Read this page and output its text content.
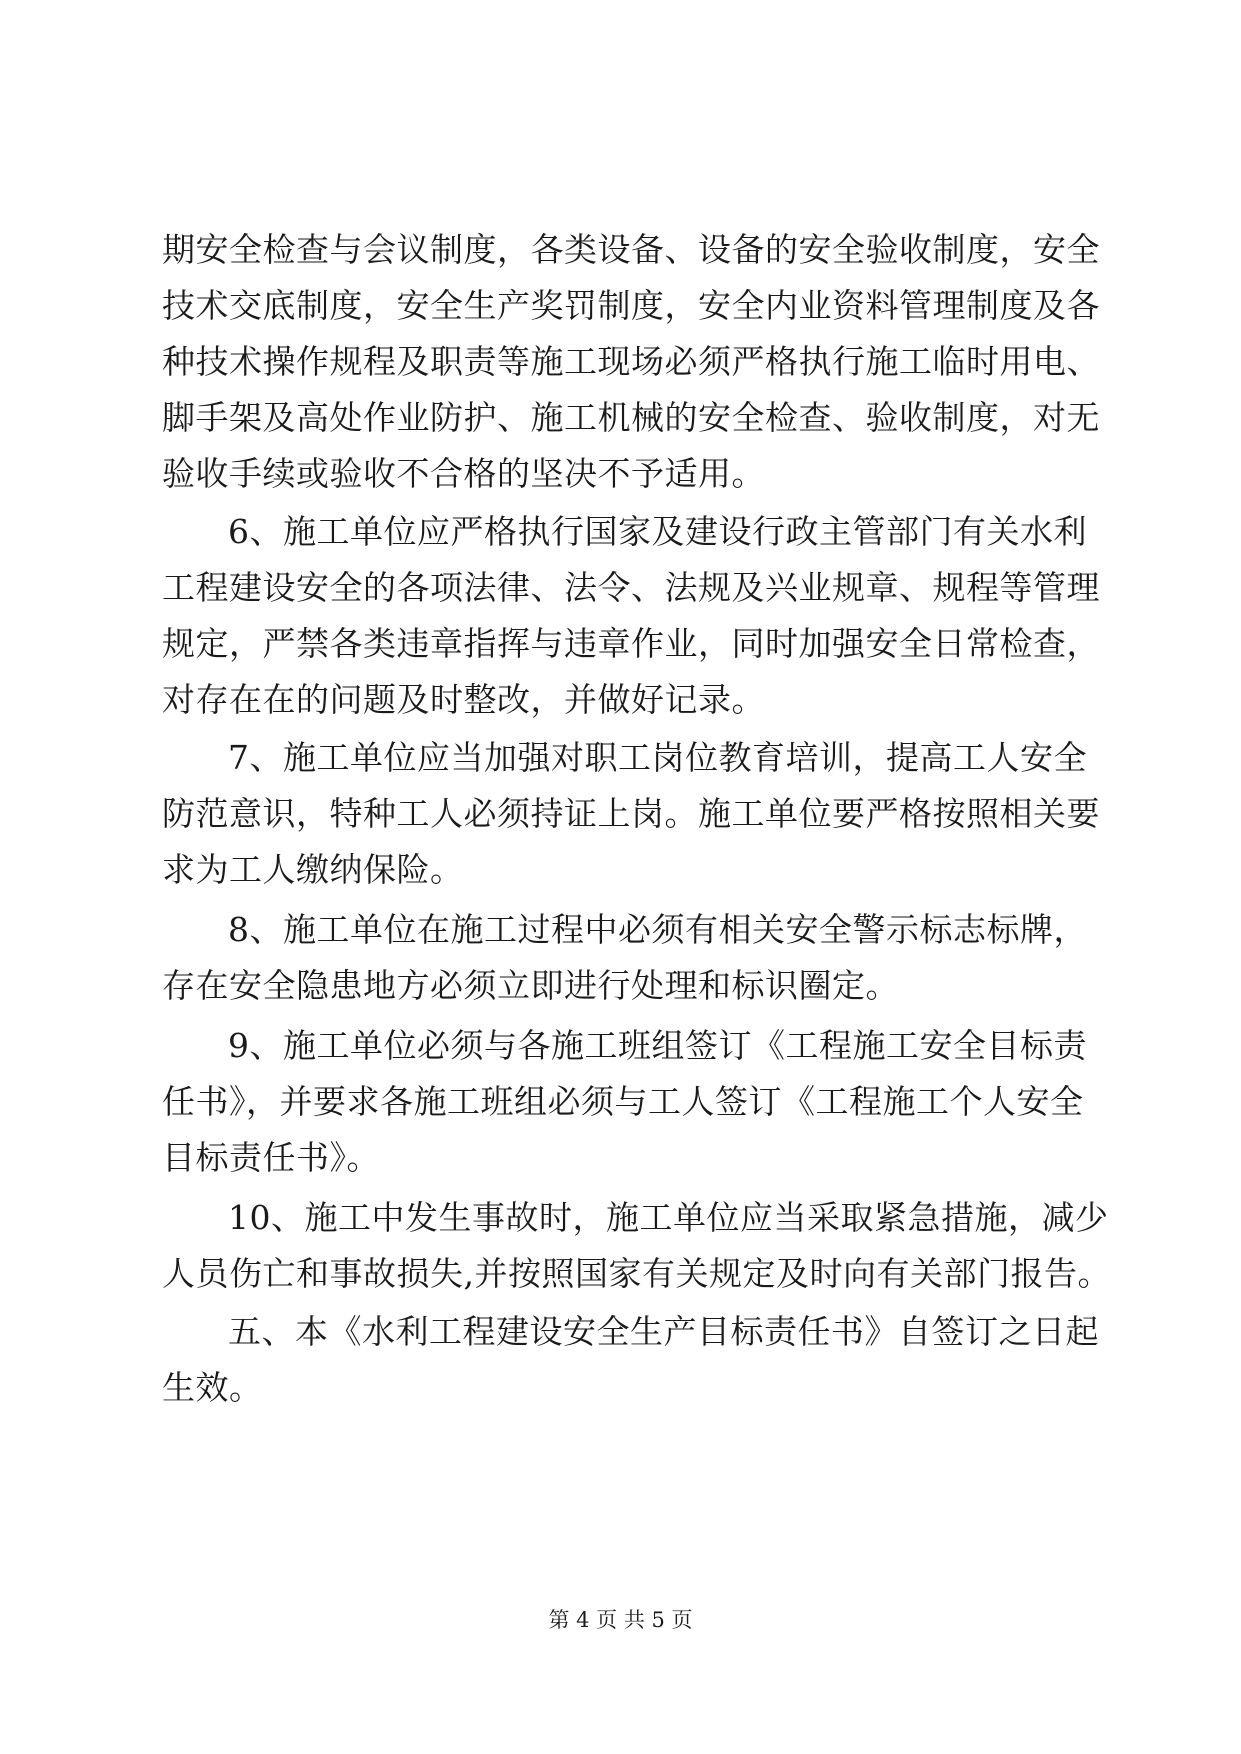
期安全检查与会议制度，各类设备、设备的安全验收制度，安全
技术交底制度，安全生产奖罚制度，安全内业资料管理制度及各
种技术操作规程及职责等施工现场必须严格执行施工临时用电、
脚手架及高处作业防护、施工机械的安全检查、验收制度，对无
验收手续或验收不合格的坚决不予适用。
6、施工单位应严格执行国家及建设行政主管部门有关水利
工程建设安全的各项法律、法令、法规及兴业规章、规程等管理
规定，严禁各类违章指挥与违章作业，同时加强安全日常检查，
对存在在的问题及时整改，并做好记录。
7、施工单位应当加强对职工岗位教育培训，提高工人安全
防范意识，特种工人必须持证上岗。施工单位要严格按照相关要
求为工人缴纳保险。
8、施工单位在施工过程中必须有相关安全警示标志标牌，
存在安全隐患地方必须立即进行处理和标识圈定。
9、施工单位必须与各施工班组签订《工程施工安全目标责
任书》，并要求各施工班组必须与工人签订《工程施工个人安全
目标责任书》。
10、施工中发生事故时，施工单位应当采取紧急措施，减少
人员伤亡和事故损失,并按照国家有关规定及时向有关部门报告。
五、本《水利工程建设安全生产目标责任书》自签订之日起
生效。
第 4 页 共 5 页
